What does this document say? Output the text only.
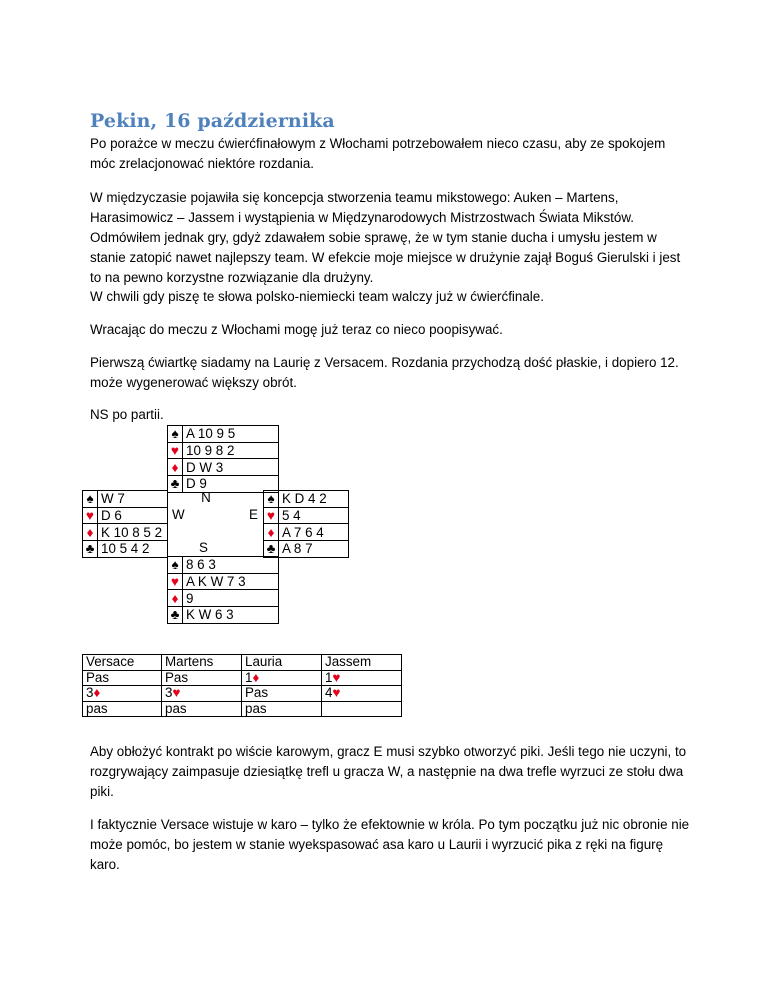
Pekin, 16 października

Po porażce w meczu ćwierćfinałowym z Włochami potrzebowałem nieco czasu, aby ze spokojem móc zrelacjonować niektóre rozdania.

W międzyczasie pojawiła się koncepcja stworzenia teamu mikstowego: Auken – Martens, Harasimowicz – Jassem i wystąpienia w Międzynarodowych Mistrzostwach Świata Mikstów. Odmówiłem jednak gry, gdyż zdawałem sobie sprawę, że w tym stanie ducha i umysłu jestem w stanie zatopić nawet najlepszy team. W efekcie moje miejsce w drużynie zajął Boguś Gierulski i jest to na pewno korzystne rozwiązanie dla drużyny.

W chwili gdy piszę te słowa polsko-niemiecki team walczy już w ćwierćfinale.

Wracając do meczu z Włochami mogę już teraz co nieco poopisywać.

Pierwszą ćwiartkę siadamy na Laurię z Versacem. Rozdania przychodzą dość płaskie, i dopiero 12. może wygenerować większy obrót.

NS po partii.

♠	A 10 9 5
♥	10 9 8 2
♦	D W 3
♣	D 9
♠	W 7
♥	D 6
♦	K 10 8 5 2
♣	10 5 4 2
N
W	E
S
♠	K D 4 2
♥	5 4
♦	A 7 6 4
♣	A 8 7
♠	8 6 3
♥	A K W 7 3
♦	9
♣	K W 6 3
Versace	Martens	Lauria	Jassem
Pas	Pas	1♦	1♥
3♦	3♥	Pas	4♥
pas	pas	pas	

Aby obłożyć kontrakt po wiście karowym, gracz E musi szybko otworzyć piki. Jeśli tego nie uczyni, to rozgrywający zaimpasuje dziesiątkę trefl u gracza W, a następnie na dwa trefle wyrzuci ze stołu dwa piki.

I faktycznie Versace wistuje w karo – tylko że efektownie w króla. Po tym początku już nic obronie nie może pomóc, bo jestem w stanie wyekspasować asa karo u Laurii i wyrzucić pika z ręki na figurę karo.
